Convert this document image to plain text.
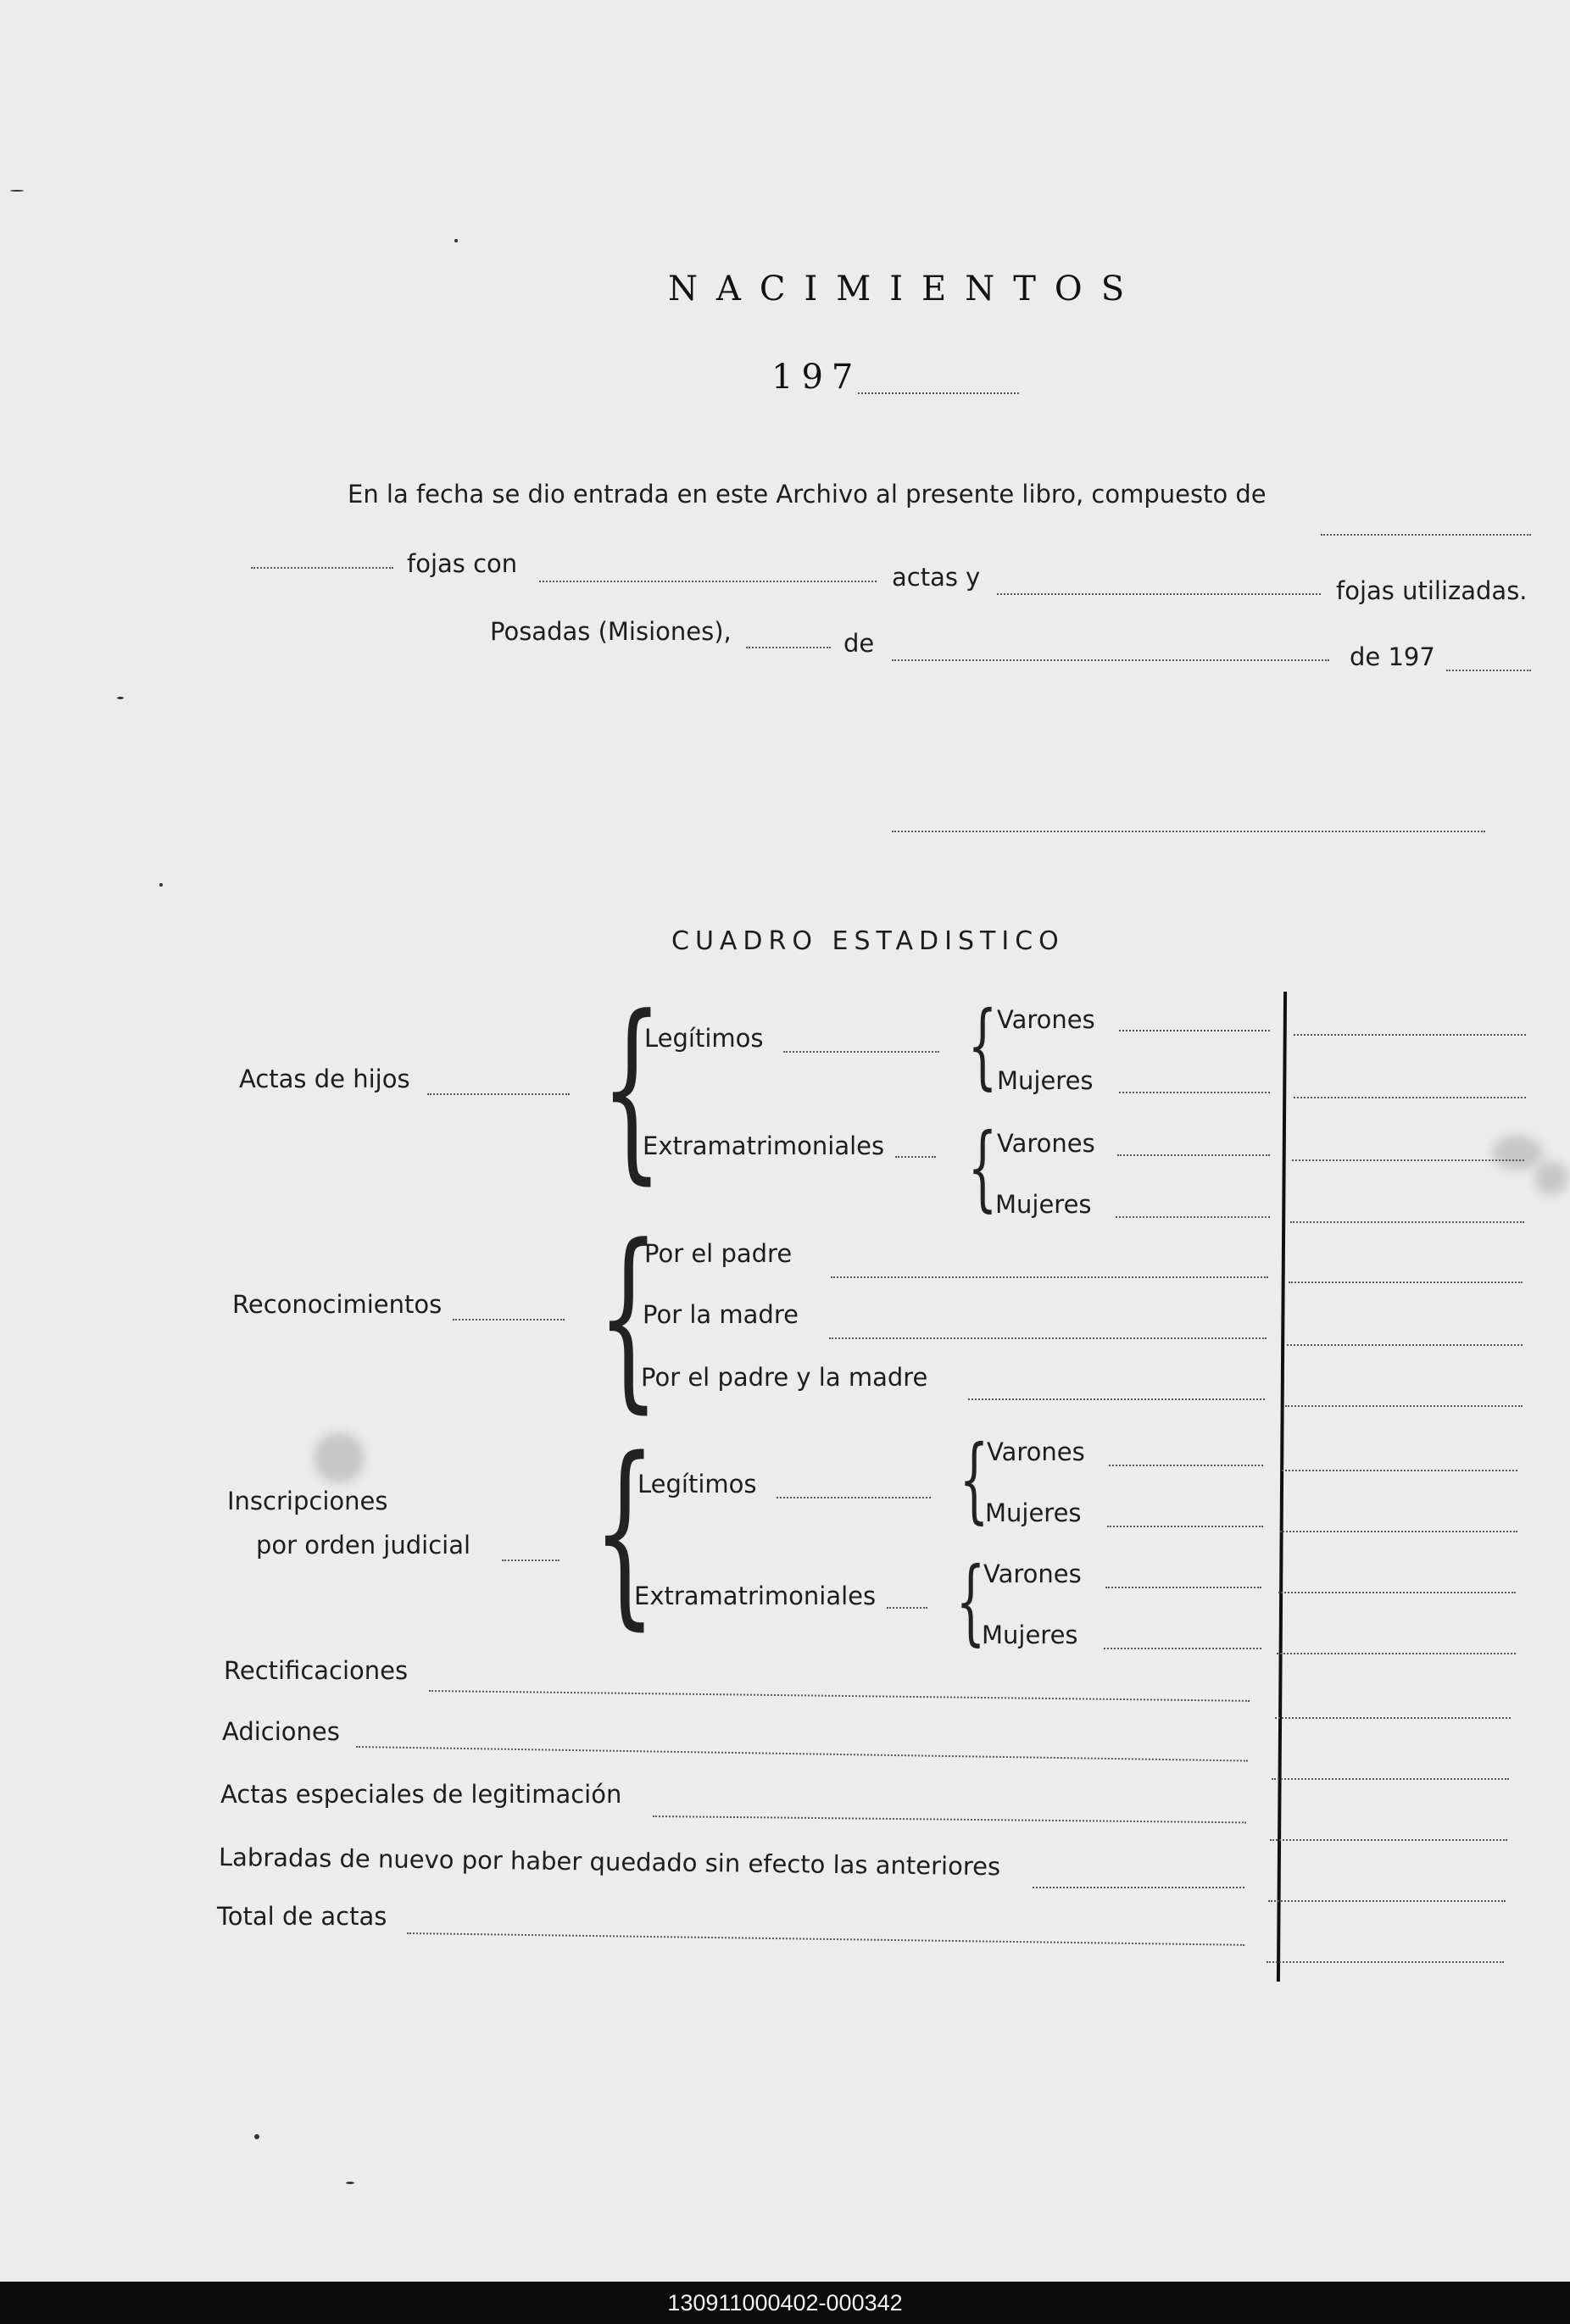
NACIMIENTOS
197
En la fecha se dio entrada en este Archivo al presente libro, compuesto de
fojas con	actas y	fojas utilizadas.
Posadas (Misiones),	de	de 197
CUADRO ESTADISTICO
Actas de hijos {
Legítimos { Varones
Mujeres
Extramatrimoniales { Varones
Mujeres
Reconocimientos {
Por el padre
Por la madre
Por el padre y la madre
Inscripciones
por orden judicial {
Legítimos {
Varones
Mujeres
Extramatrimoniales {
Varones
Mujeres
Rectificaciones
Adiciones
Actas especiales de legitimación
Labradas de nuevo por haber quedado sin efecto las anteriores
Total de actas
130911000402-000342
